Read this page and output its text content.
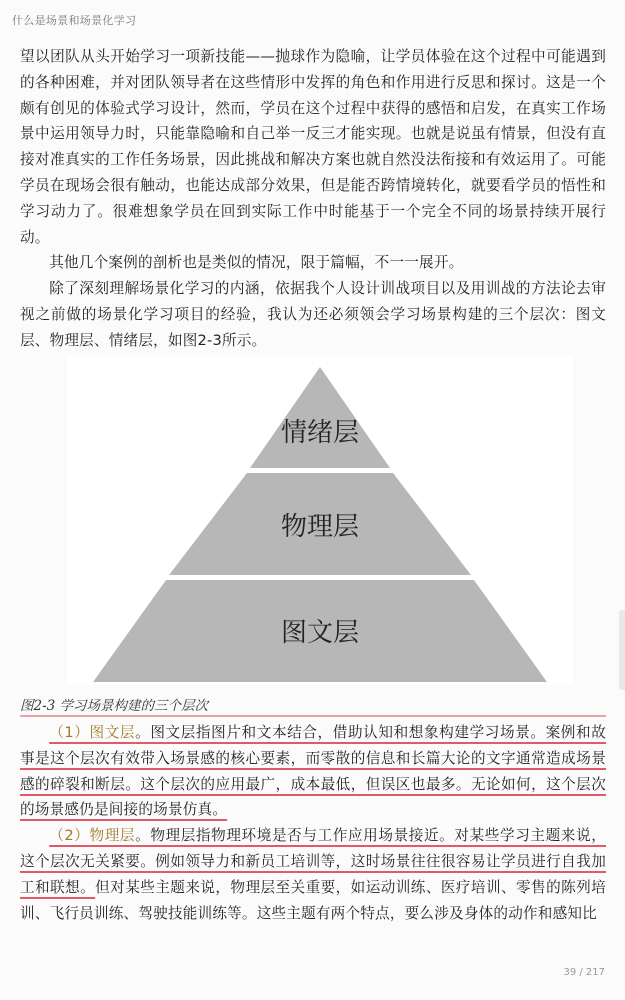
什么是场景和场景化学习

望以团队从头开始学习一项新技能——抛球作为隐喻，让学员体验在这个过程中可能遇到的各种困难，并对团队领导者在这些情形中发挥的角色和作用进行反思和探讨。这是一个颇有创见的体验式学习设计，然而，学员在这个过程中获得的感悟和启发，在真实工作场景中运用领导力时，只能靠隐喻和自己举一反三才能实现。也就是说虽有情景，但没有直接对准真实的工作任务场景，因此挑战和解决方案也就自然没法衔接和有效运用了。可能学员在现场会很有触动，也能达成部分效果，但是能否跨情境转化，就要看学员的悟性和学习动力了。很难想象学员在回到实际工作中时能基于一个完全不同的场景持续开展行动。

其他几个案例的剖析也是类似的情况，限于篇幅，不一一展开。

除了深刻理解场景化学习的内涵，依据我个人设计训战项目以及用训战的方法论去审视之前做的场景化学习项目的经验，我认为还必须领会学习场景构建的三个层次：图文层、物理层、情绪层，如图2-3所示。

情绪层
物理层
图文层
图2-3 学习场景构建的三个层次

（1）图文层。图文层指图片和文本结合，借助认知和想象构建学习场景。案例和故事是这个层次有效带入场景感的核心要素，而零散的信息和长篇大论的文字通常造成场景感的碎裂和断层。这个层次的应用最广，成本最低，但误区也最多。无论如何，这个层次的场景感仍是间接的场景仿真。

（2）物理层。物理层指物理环境是否与工作应用场景接近。对某些学习主题来说，这个层次无关紧要。例如领导力和新员工培训等，这时场景往往很容易让学员进行自我加工和联想。但对某些主题来说，物理层至关重要，如运动训练、医疗培训、零售的陈列培训、飞行员训练、驾驶技能训练等。这些主题有两个特点，要么涉及身体的动作和感知比

39 / 217
